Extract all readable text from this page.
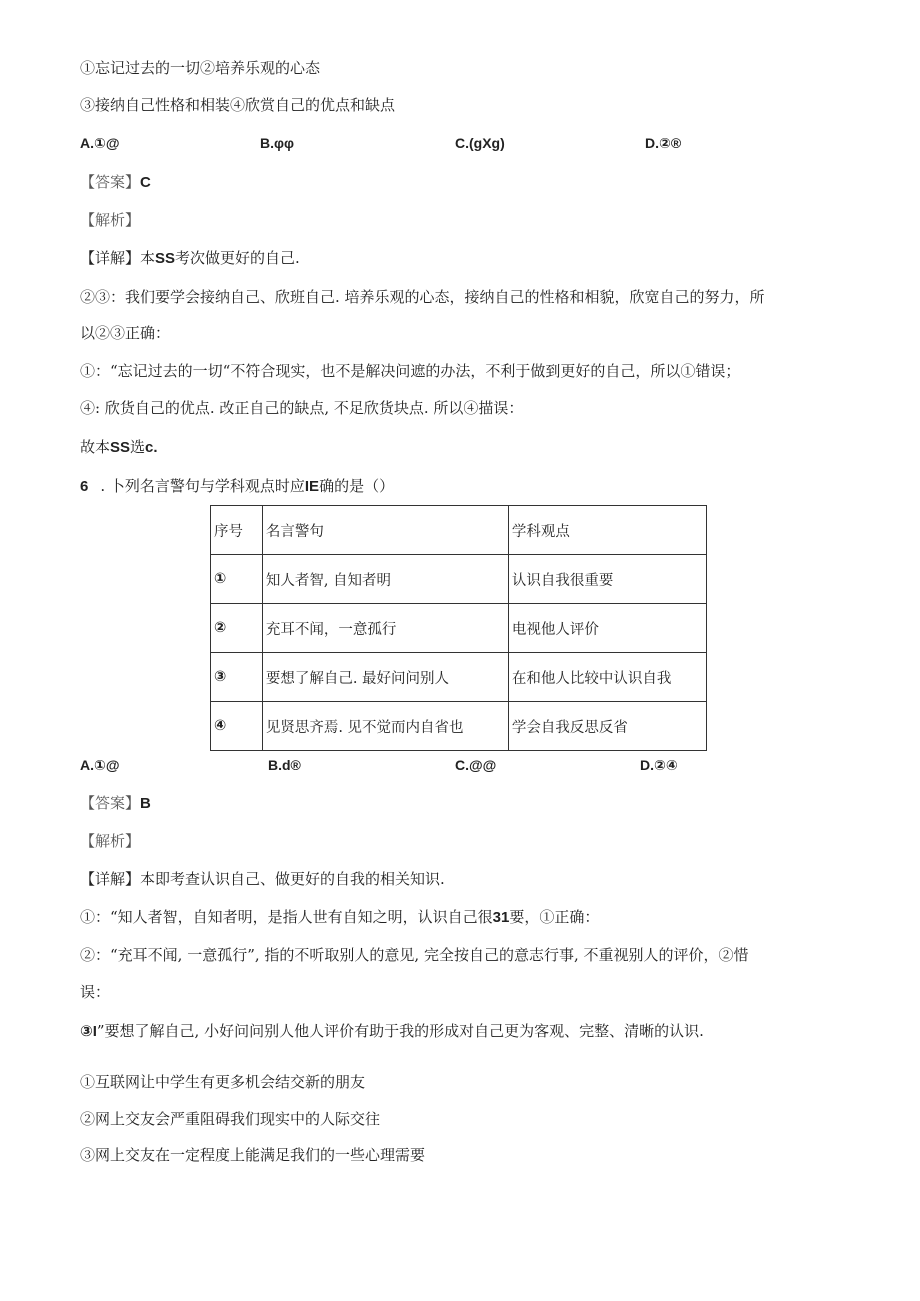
①忘记过去的一切②培养乐观的心态
③接纳自己性格和相装④欣赏自己的优点和缺点
A.①@	B.φφ	C.(gXg)	D.②®
【答案】C
【解析】
【详解】本SS考次做更好的自己.
②③：我们要学会接纳自己、欣班自己. 培养乐观的心态，接纳自己的性格和相貌，欣宽自己的努力，所
以②③正确：
①：“忘记过去的一切“不符合现实，也不是解决问遮的办法，不利于做到更好的自己，所以①错误；
④: 欣货自己的优点. 改正自己的缺点, 不足欣货块点. 所以④描误：
故本SS选c.
6 . 卜列名言警句与学科观点时应IE确的是（）
序号	名言警句	学科观点
①	知人者智, 自知者明	认识自我很重要
②	充耳不闻，一意孤行	电视他人评价
③	要想了解自己. 最好问问别人	在和他人比较中认识自我
④	见贤思齐焉. 见不觉而内自省也	学会自我反思反省
A.①@	B.d®	C.@@	D.②④
【答案】B
【解析】
【详解】本即考查认识自己、做更好的自我的相关知识.
①：“知人者智，自知者明，是指人世有自知之明，认识自己很31要，①正确：
②：“充耳不闻, 一意孤行”, 指的不听取别人的意见, 完全按自己的意志行事, 不重视别人的评价，②惜
误：
③I”要想了解自己, 小好问问别人他人评价有助于我的形成对自己更为客观、完整、清晰的认识.
①互联网让中学生有更多机会结交新的朋友
②网上交友会严重阻碍我们现实中的人际交往
③网上交友在一定程度上能满足我们的一些心理需要
